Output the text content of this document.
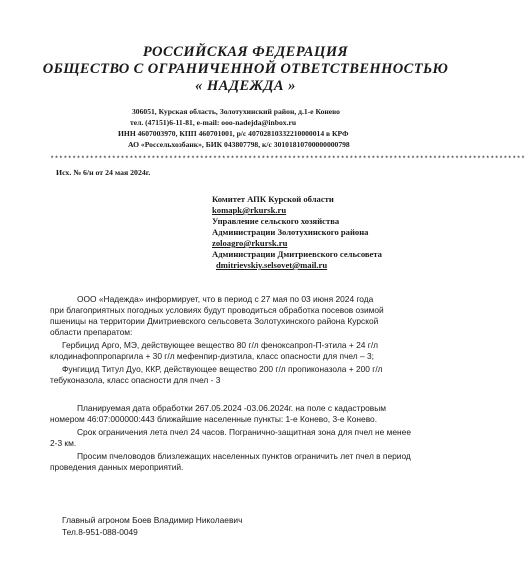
РОССИЙСКАЯ ФЕДЕРАЦИЯ
ОБЩЕСТВО С ОГРАНИЧЕННОЙ ОТВЕТСТВЕННОСТЬЮ
« НАДЕЖДА »
306051, Курская область, Золотухинский район, д.1-е Конево
тел. (47151)6-11-81, e-mail: ooo-nadejda@inbox.ru
ИНН 4607003970, КПП 460701001, р/с 40702810332210000014 в КРФ
АО «Россельхозбанк», БИК 043807798, к/с 30101810700000000798
************************************************************************************************************
Исх. № 6/н от 24 мая 2024г.
Комитет АПК Курской области
komapk@rkursk.ru
Управление сельского хозяйства
Администрации Золотухинского района
zoloagro@rkursk.ru
Администрации Дмитриевского сельсовета
dmitrievskiy.selsovet@mail.ru
ООО «Надежда» информирует, что в период с 27 мая по 03 июня 2024 года
при благоприятных погодных условиях будут проводиться обработка посевов озимой
пшеницы на территории Дмитриевского сельсовета Золотухинского района Курской
области препаратом:
Гербицид Арго, МЭ, действующее вещество 80 г/л феноксапроп-П-этила + 24 г/л
клодинафоппропаргила + 30 г/л мефенпир-диэтила, класс опасности для пчел – 3;
Фунгицид Титул Дуо, ККР, действующее вещество 200 г/л пропиконазола + 200 г/л
тебуконазола, класс опасности для пчел - 3
Планируемая дата обработки 267.05.2024 -03.06.2024г. на поле с кадастровым
номером 46:07:000000:443 ближайшие населенные пункты: 1-е Конево, 3-е Конево.
Срок ограничения лета пчел 24 часов. Погранично-защитная зона для пчел не менее
2-3 км.
Просим пчеловодов близлежащих населенных пунктов ограничить лет пчел в период
проведения данных мероприятий.
Главный агроном Боев Владимир Николаевич
Тел.8-951-088-0049
